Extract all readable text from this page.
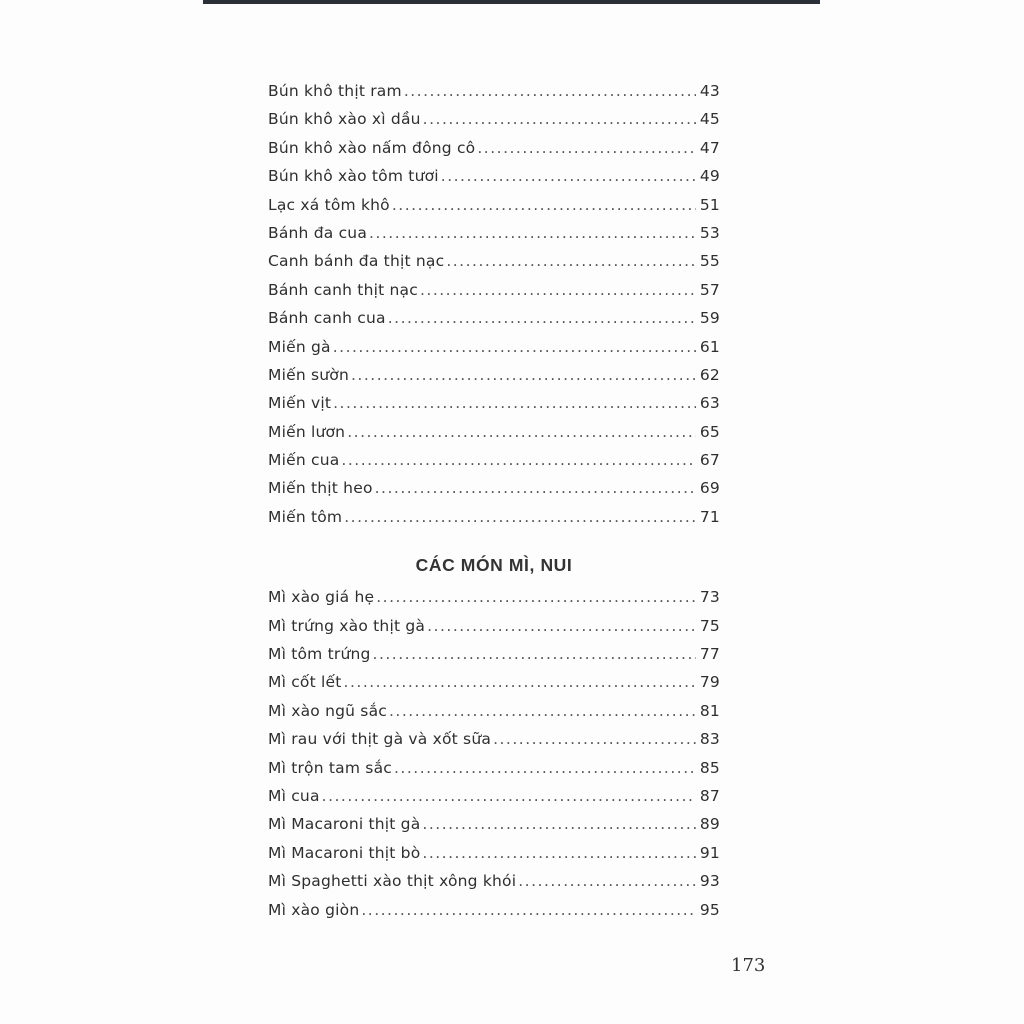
Bún khô thịt ram .....	43
Bún khô xào xì dầu .....	45
Bún khô xào nấm đông cô .....	47
Bún khô xào tôm tươi .....	49
Lạc xá tôm khô .....	51
Bánh đa cua .....	53
Canh bánh đa thịt nạc .....	55
Bánh canh thịt nạc .....	57
Bánh canh cua .....	59
Miến gà .....	61
Miến sườn .....	62
Miến vịt .....	63
Miến lươn .....	65
Miến cua .....	67
Miến thịt heo .....	69
Miến tôm .....	71
CÁC MÓN MÌ, NUI
Mì xào giá hẹ .....	73
Mì trứng xào thịt gà .....	75
Mì tôm trứng .....	77
Mì cốt lết .....	79
Mì xào ngũ sắc .....	81
Mì rau với thịt gà và xốt sữa .....	83
Mì trộn tam sắc .....	85
Mì cua .....	87
Mì Macaroni thịt gà .....	89
Mì Macaroni thịt bò .....	91
Mì Spaghetti xào thịt xông khói .....	93
Mì xào giòn .....	95
173
